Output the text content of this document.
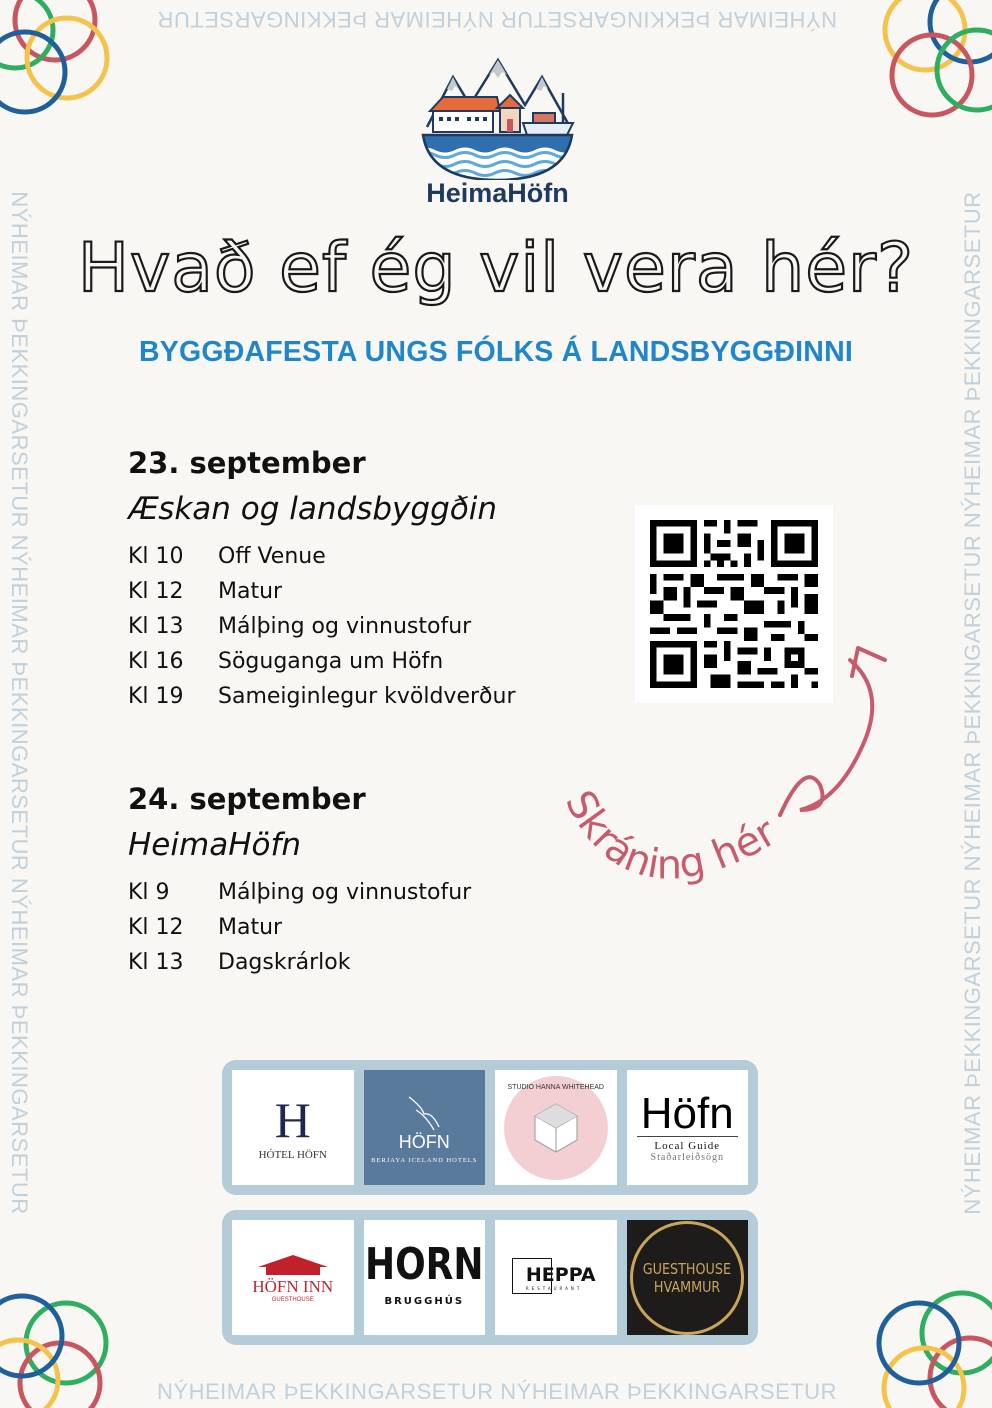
NÝHEIMAR ÞEKKINGARSETUR NÝHEIMAR ÞEKKINGARSETUR
NÝHEIMAR ÞEKKINGARSETUR NÝHEIMAR ÞEKKINGARSETUR
NÝHEIMAR ÞEKKINGARSETUR NÝHEIMAR ÞEKKINGARSETUR NÝHEIMAR ÞEKKINGARSETUR	NÝHEIMAR ÞEKKINGARSETUR NÝHEIMAR ÞEKKINGARSETUR NÝHEIMAR ÞEKKINGARSETUR
HeimaHöfn
Hvað ef ég vil vera hér?
BYGGÐAFESTA UNGS FÓLKS Á LANDSBYGGÐINNI
23. september
Æskan og landsbyggðin
Kl 10	Off Venue
Kl 12	Matur
Kl 13	Málþing og vinnustofur
Kl 16	Söguganga um Höfn
Kl 19	Sameiginlegur kvöldverður
24. september
HeimaHöfn
Kl 9	Málþing og vinnustofur
Kl 12	Matur
Kl 13	Dagskrárlok
Skráning hér
H
HÓTEL HÖFN
HÖFN
BERJAYA ICELAND HOTELS
STUDIO HANNA WHITEHEAD
Höfn
Local Guide
Staðarleiðsögn
HÖFN INN
GUESTHOUSE
HORN
BRUGGHÚS
HEPPA
RESTAURANT
GUESTHOUSE
HVAMMUR
